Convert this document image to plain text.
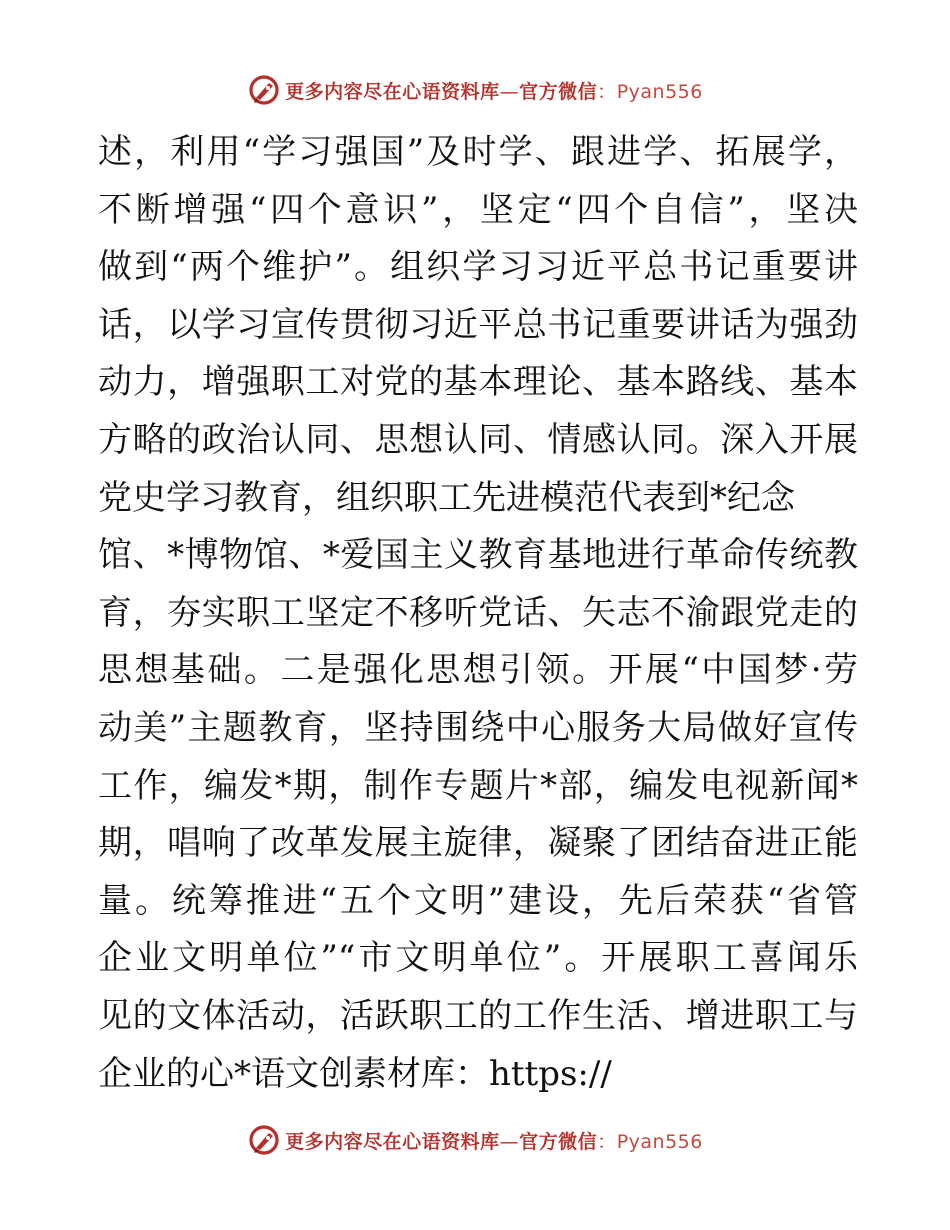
更多内容尽在心语资料库—官方微信：Pyan556
述，利用“学习强国”及时学、跟进学、拓展学，
不断增强“四个意识”，坚定“四个自信”，坚决
做到“两个维护”。组织学习习近平总书记重要讲
话，以学习宣传贯彻习近平总书记重要讲话为强劲
动力，增强职工对党的基本理论、基本路线、基本
方略的政治认同、思想认同、情感认同。深入开展
党史学习教育，组织职工先进模范代表到*纪念
馆、*博物馆、*爱国主义教育基地进行革命传统教
育，夯实职工坚定不移听党话、矢志不渝跟党走的
思想基础。二是强化思想引领。开展“中国梦·劳
动美”主题教育，坚持围绕中心服务大局做好宣传
工作，编发*期，制作专题片*部，编发电视新闻*
期，唱响了改革发展主旋律，凝聚了团结奋进正能
量。统筹推进“五个文明”建设，先后荣获“省管
企业文明单位”“市文明单位”。开展职工喜闻乐
见的文体活动，活跃职工的工作生活、增进职工与
企业的心*语文创素材库：https://
更多内容尽在心语资料库—官方微信：Pyan556
